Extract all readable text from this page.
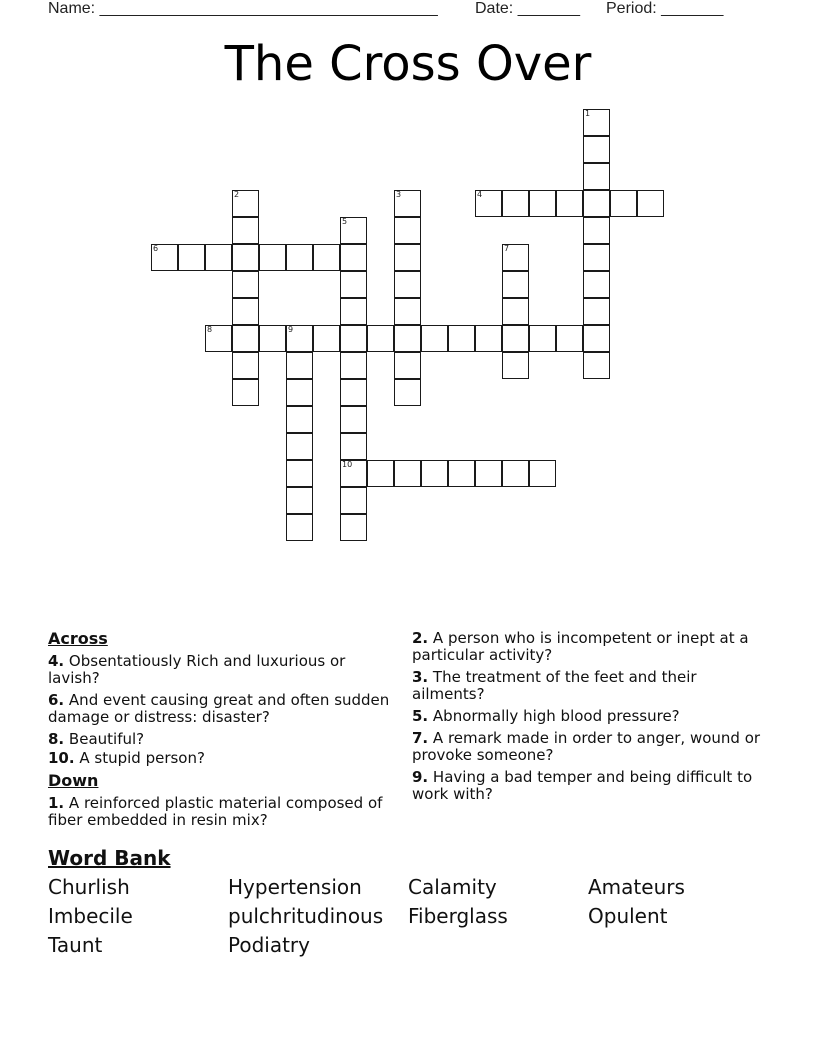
Name: ______________________________________ Date: _______ Period: _______
The Cross Over
1
2	3	4
5
10
6	7
8	9
Across
4. Obsentatiously Rich and luxurious or lavish?
6. And event causing great and often sudden damage or distress: disaster?
8. Beautiful?
10. A stupid person?
Down
1. A reinforced plastic material composed of fiber embedded in resin mix?
2. A person who is incompetent or inept at a particular activity?
3. The treatment of the feet and their ailments?
5. Abnormally high blood pressure?
7. A remark made in order to anger, wound or provoke someone?
9. Having a bad temper and being difficult to work with?
Word Bank
Churlish	Hypertension	Calamity	Amateurs
Imbecile	pulchritudinous	Fiberglass	Opulent
Taunt	Podiatry
